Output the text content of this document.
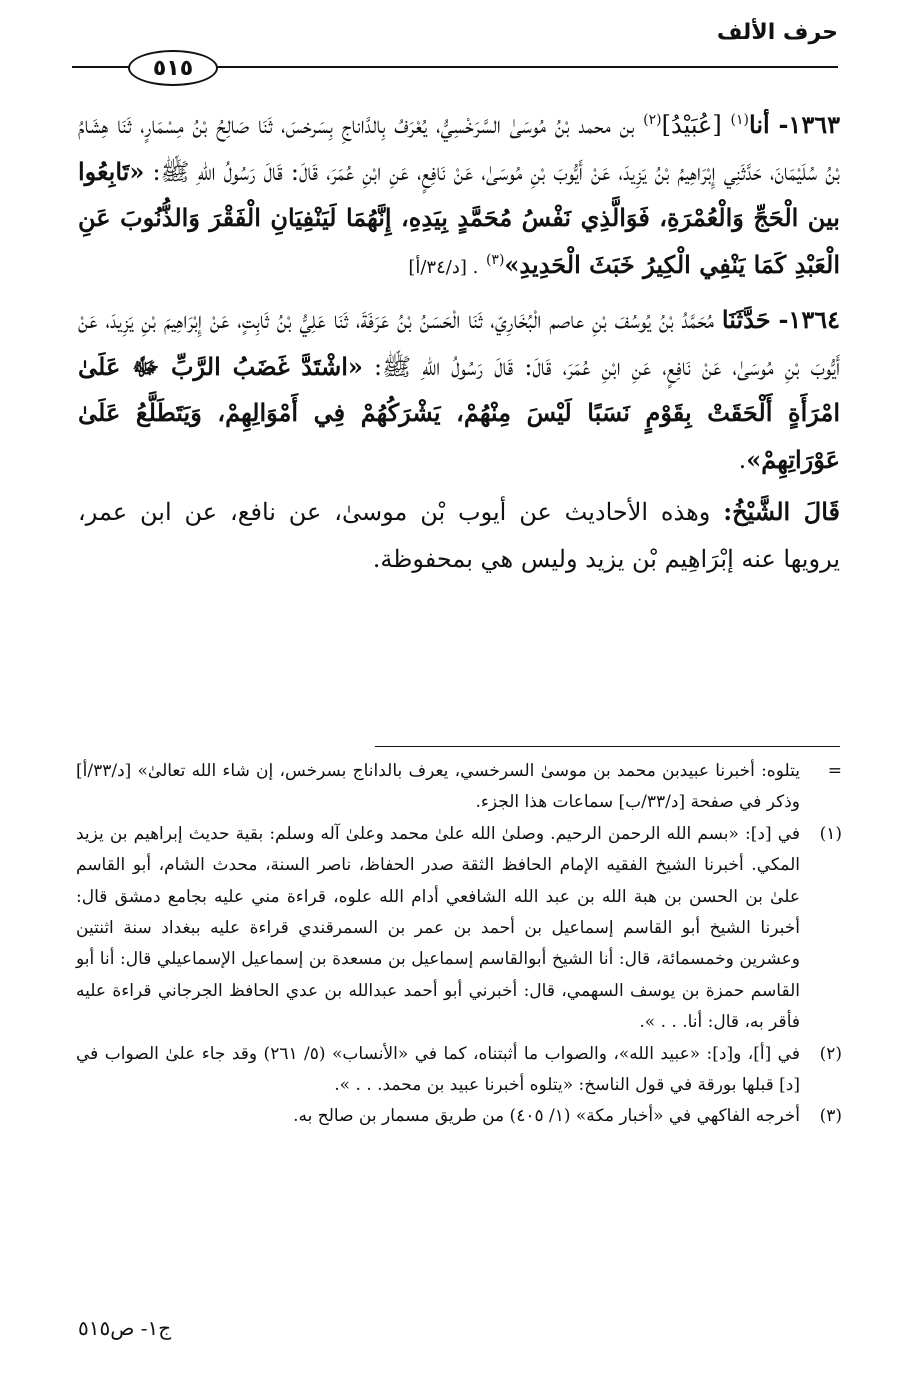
حرف الألف
٥١٥

١٣٦٣- أنا$^{(١)}$ [عُبَيْدُ]$^{(٢)}$ بن محمد بْنُ مُوسَىٰ السَّرَخْسِيُّ، يُعْرَفُ بِالدَّاناجِ بِسَرخسَ، ثَنَا صَالِحُ بْنُ مِسْمَارٍ، ثَنَا هِشَامُ بْنُ سُلَيْمَانَ، حَدَّثَنِي إِبْرَاهِيمُ بْنُ يَزِيدَ، عَنْ أَيُّوبَ بْنِ مُوسَىٰ، عَنْ نَافِعٍ، عَنِ ابْنِ عُمَرَ، قَالَ: قَالَ رَسُولُ اللهِ ﷺ: «تَابِعُوا بين الْحَجِّ وَالْعُمْرَةِ، فَوَالَّذِي نَفْسُ مُحَمَّدٍ بِيَدِهِ، إِنَّهُمَا لَيَنْفِيَانِ الْفَقْرَ وَالذُّنُوبَ عَنِ الْعَبْدِ كَمَا يَنْفِي الْكِيرُ خَبَثَ الْحَدِيدِ»$^{(٣)}$ . [د/٣٤/أ]

١٣٦٤- حَدَّثَنَا مُحَمَّدُ بْنُ يُوسُفَ بْنِ عاصم الْبُخَارِيّ، ثَنَا الْحَسَنُ بْنُ عَرَفَةَ، ثَنَا عَلِيُّ بْنُ ثَابِتٍ، عَنْ إِبْرَاهِيمَ بْنِ يَزِيدَ، عَنْ أَيُّوبَ بْنِ مُوسَىٰ، عَنْ نَافِعٍ، عَنِ ابْنِ عُمَرَ، قَالَ: قَالَ رَسُولُ اللهِ ﷺ: «اشْتَدَّ غَضَبُ الرَّبِّ ﷻ عَلَىٰ امْرَأَةٍ أَلْحَقَتْ بِقَوْمٍ نَسَبًا لَيْسَ مِنْهُمْ، يَشْرَكُهُمْ فِي أَمْوَالِهِمْ، وَيَتَطَلَّعُ عَلَىٰ عَوْرَاتِهِمْ».

قَالَ الشَّيْخُ: وهذه الأحاديث عن أيوب بْن موسىٰ، عن نافع، عن ابن عمر، يرويها عنه إبْرَاهِيم بْن يزيد وليس هي بمحفوظة.

=
يتلوه: أخبرنا عبيدبن محمد بن موسىٰ السرخسي، يعرف بالداناج بسرخس، إن شاء الله تعالىٰ» [د/٣٣/أ] وذكر في صفحة [د/٣٣/ب] سماعات هذا الجزء.

(١)
في [د]: «بسم الله الرحمن الرحيم. وصلىٰ الله علىٰ محمد وعلىٰ آله وسلم: بقية حديث إبراهيم بن يزيد المكي. أخبرنا الشيخ الفقيه الإمام الحافظ الثقة صدر الحفاظ، ناصر السنة، محدث الشام، أبو القاسم علىٰ بن الحسن بن هبة الله بن عبد الله الشافعي أدام الله علوه، قراءة مني عليه بجامع دمشق قال: أخبرنا الشيخ أبو القاسم إسماعيل بن أحمد بن عمر بن السمرقندي قراءة عليه ببغداد سنة اثنتين وعشرين وخمسمائة، قال: أنا الشيخ أبوالقاسم إسماعيل بن مسعدة بن إسماعيل الإسماعيلي قال: أنا أبو القاسم حمزة بن يوسف السهمي، قال: أخبرني أبو أحمد عبدالله بن عدي الحافظ الجرجاني قراءة عليه فأقر به، قال: أنا. . . ».

(٢)
في [أ]، و[د]: «عبيد الله»، والصواب ما أثبتناه، كما في «الأنساب» (٥/ ٢٦١) وقد جاء علىٰ الصواب في [د] قبلها بورقة في قول الناسخ: «يتلوه أخبرنا عبيد بن محمد. . . ».

(٣)
أخرجه الفاكهي في «أخبار مكة» (١/ ٤٠٥) من طريق مسمار بن صالح به.

ج١- ص٥١٥
